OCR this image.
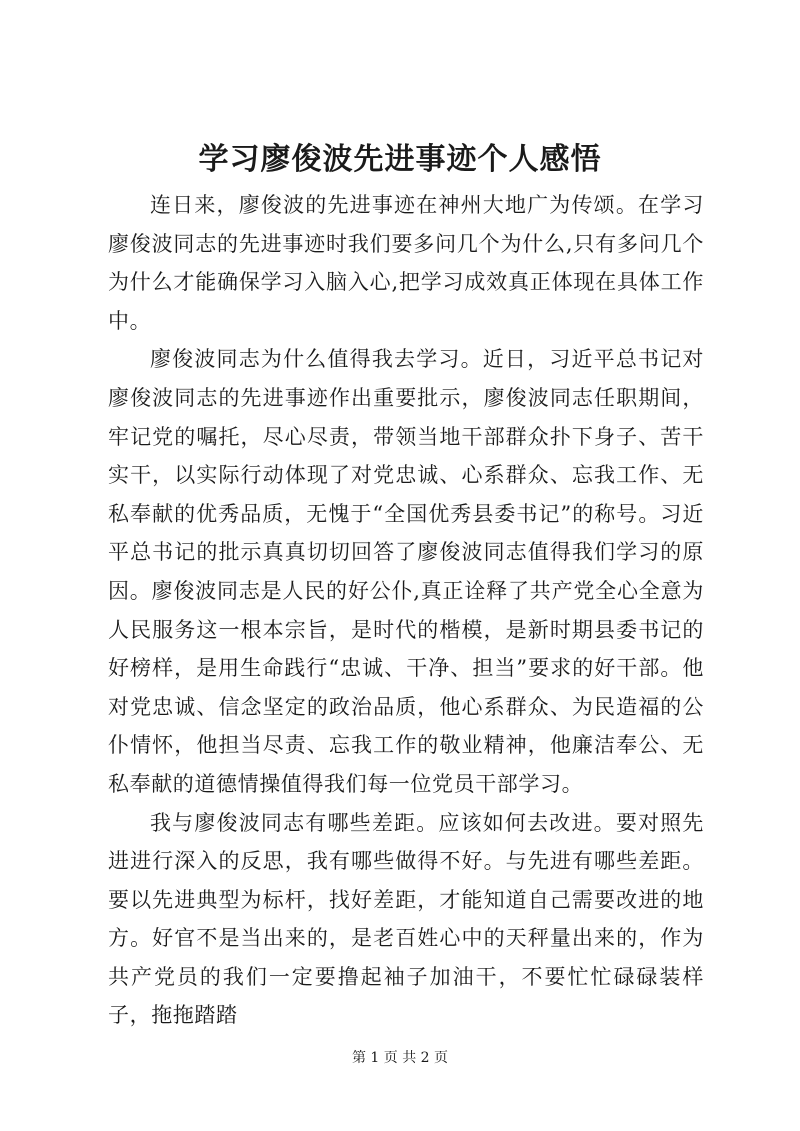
学习廖俊波先进事迹个人感悟

连日来，廖俊波的先进事迹在神州大地广为传颂。在学习廖俊波同志的先进事迹时我们要多问几个为什么,只有多问几个为什么才能确保学习入脑入心,把学习成效真正体现在具体工作中。

廖俊波同志为什么值得我去学习。近日，习近平总书记对廖俊波同志的先进事迹作出重要批示，廖俊波同志任职期间，牢记党的嘱托，尽心尽责，带领当地干部群众扑下身子、苦干实干，以实际行动体现了对党忠诚、心系群众、忘我工作、无私奉献的优秀品质，无愧于“全国优秀县委书记”的称号。习近平总书记的批示真真切切回答了廖俊波同志值得我们学习的原因。廖俊波同志是人民的好公仆,真正诠释了共产党全心全意为人民服务这一根本宗旨，是时代的楷模，是新时期县委书记的好榜样，是用生命践行“忠诚、干净、担当”要求的好干部。他对党忠诚、信念坚定的政治品质，他心系群众、为民造福的公仆情怀，他担当尽责、忘我工作的敬业精神，他廉洁奉公、无私奉献的道德情操值得我们每一位党员干部学习。

我与廖俊波同志有哪些差距。应该如何去改进。要对照先进进行深入的反思，我有哪些做得不好。与先进有哪些差距。要以先进典型为标杆，找好差距，才能知道自己需要改进的地方。好官不是当出来的，是老百姓心中的天秤量出来的，作为共产党员的我们一定要撸起袖子加油干，不要忙忙碌碌装样子，拖拖踏踏

第 1 页 共 2 页
